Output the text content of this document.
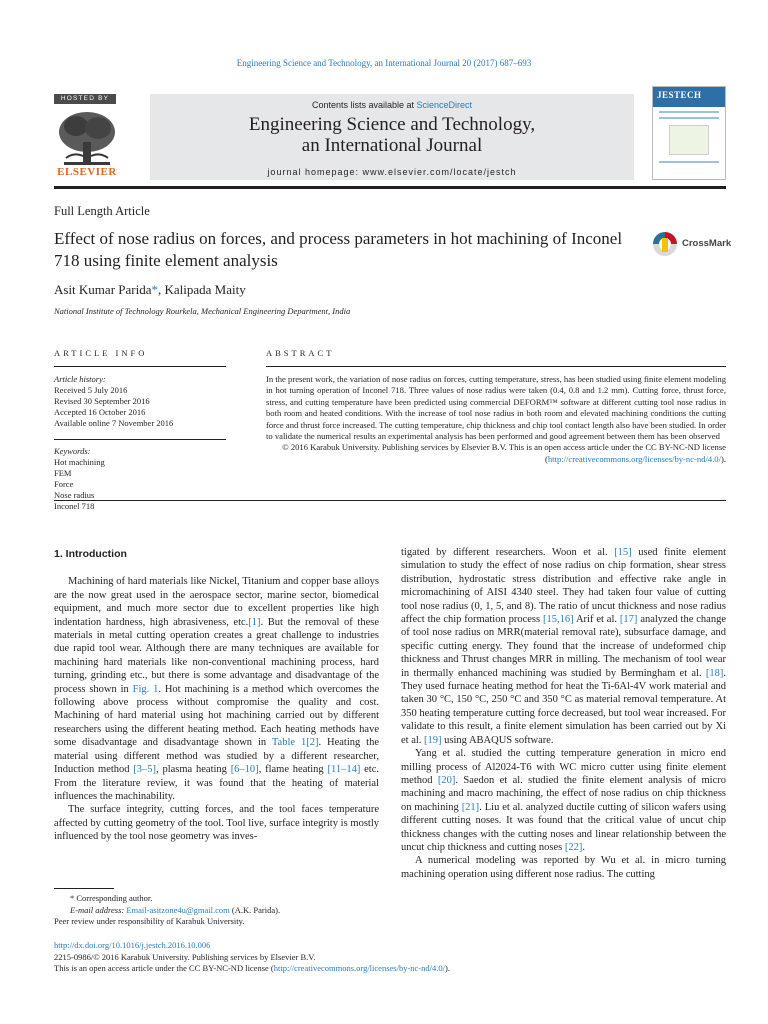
Engineering Science and Technology, an International Journal 20 (2017) 687–693
HOSTED BY
ELSEVIER
Contents lists available at ScienceDirect
Engineering Science and Technology,
an International Journal
journal homepage: www.elsevier.com/locate/jestch
JESTECH
Full Length Article
Effect of nose radius on forces, and process parameters in hot machining of Inconel 718 using finite element analysis
CrossMark
Asit Kumar Parida*, Kalipada Maity
National Institute of Technology Rourkela, Mechanical Engineering Department, India
ARTICLE INFO	ABSTRACT
Article history:
Received 5 July 2016
Revised 30 September 2016
Accepted 16 October 2016
Available online 7 November 2016
Keywords:
Hot machining
FEM
Force
Nose radius
Inconel 718

In the present work, the variation of nose radius on forces, cutting temperature, stress, has been studied using finite element modeling in hot turning operation of Inconel 718. Three values of nose radius were taken (0.4, 0.8 and 1.2 mm). Cutting force, thrust force, stress, and cutting temperature have been predicted using commercial DEFORM™ software at different cutting tool nose radius in both room and heated conditions. With the increase of tool nose radius in both room and elevated machining conditions the cutting force and thrust force increased. The cutting temperature, chip thickness and chip tool contact length also have been studied. In order to validate the numerical results an experimental analysis has been performed and good agreement between them has been observed

© 2016 Karabuk University. Publishing services by Elsevier B.V. This is an open access article under the CC BY-NC-ND license (http://creativecommons.org/licenses/by-nc-nd/4.0/).

1. Introduction

Machining of hard materials like Nickel, Titanium and copper base alloys are the now great used in the aerospace sector, marine sector, biomedical equipment, and much more sector due to excellent properties like high indentation hardness, high abrasiveness, etc.[1]. But the removal of these materials in metal cutting operation creates a great challenge to industries due rapid tool wear. Although there are many techniques are available for machining hard materials like non-conventional machining process, hard turning, grinding etc., but there is some advantage and disadvantage of the process shown in Fig. 1. Hot machining is a method which overcomes the following above process without compromise the quality and cost. Machining of hard material using hot machining carried out by different researchers using the different heating method. Each heating methods have some disadvantage and disadvantage shown in Table 1[2]. Heating the material using different method was studied by a different researcher, Induction method [3–5], plasma heating [6–10], flame heating [11–14] etc. From the literature review, it was found that the heating of material influences the machinability.

The surface integrity, cutting forces, and the tool faces temperature affected by cutting geometry of the tool. Tool live, surface integrity is mostly influenced by the tool nose geometry was inves-

tigated by different researchers. Woon et al. [15] used finite element simulation to study the effect of nose radius on chip formation, shear stress distribution, hydrostatic stress distribution and effective rake angle in micromachining of AISI 4340 steel. They had taken four value of cutting tool nose radius (0, 1, 5, and 8). The ratio of uncut thickness and nose radius affect the chip formation process [15,16] Arif et al. [17] analyzed the change of tool nose radius on MRR(material removal rate), subsurface damage, and specific cutting energy. They found that the increase of undeformed chip thickness and Thrust changes MRR in milling. The mechanism of tool wear in thermally enhanced machining was studied by Bermingham et al. [18]. They used furnace heating method for heat the Ti-6Al-4V work material and taken 30 °C, 150 °C, 250 °C and 350 °C as material removal temperature. At 350 heating temperature cutting force decreased, but tool wear increased. For validate to this result, a finite element simulation has been carried out by Xi et al. [19] using ABAQUS software.

Yang et al. studied the cutting temperature generation in micro end milling process of Al2024-T6 with WC micro cutter using finite element method [20]. Saedon et al. studied the finite element analysis of micro machining and macro machining, the effect of nose radius on chip thickness on machining [21]. Liu et al. analyzed ductile cutting of silicon wafers using different cutting noses. It was found that the critical value of uncut chip thickness changes with the cutting noses and linear relationship between the uncut chip thickness and cutting noses [22].

A numerical modeling was reported by Wu et al. in micro turning machining operation using different nose radius. The cutting

* Corresponding author.
E-mail address: Email-asitzone4u@gmail.com (A.K. Parida).
Peer review under responsibility of Karabuk University.
http://dx.doi.org/10.1016/j.jestch.2016.10.006
2215-0986/© 2016 Karabuk University. Publishing services by Elsevier B.V.
This is an open access article under the CC BY-NC-ND license (http://creativecommons.org/licenses/by-nc-nd/4.0/).
